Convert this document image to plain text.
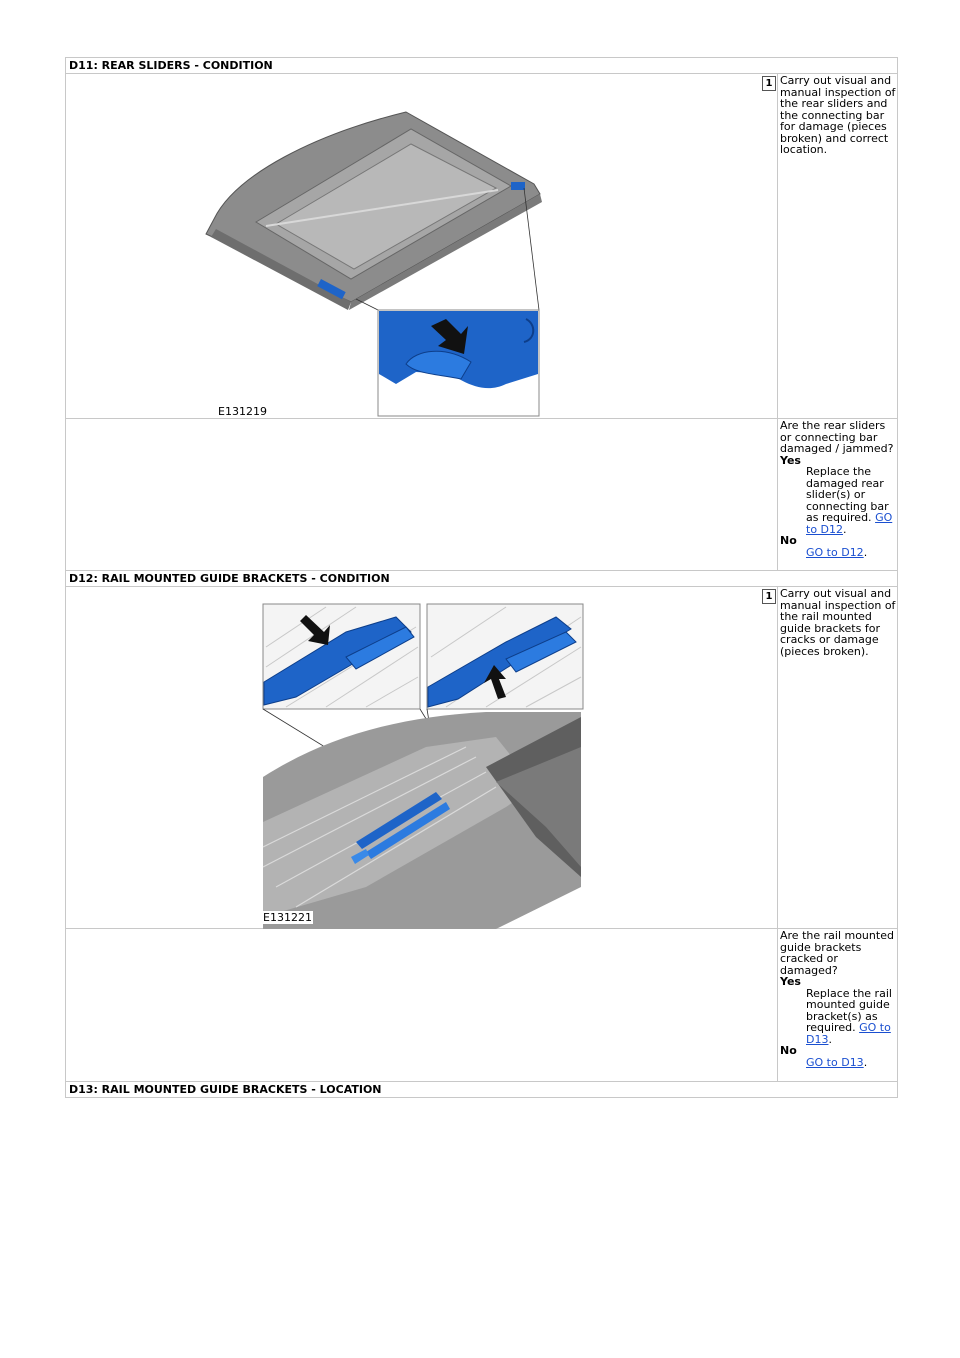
D11: REAR SLIDERS - CONDITION	

1
E131219	Carry out visual and manual inspection of the rear sliders and the connecting bar for damage (pieces broken) and correct location.
	Are the rear sliders or connecting bar damaged / jammed?
Yes
Replace the damaged rear slider(s) or connecting bar as required. GO to D12.
No
GO to D12.

D12: RAIL MOUNTED GUIDE BRACKETS - CONDITION	

1
E131221	Carry out visual and manual inspection of the rail mounted guide brackets for cracks or damage (pieces broken).
	Are the rail mounted guide brackets cracked or damaged?
Yes
Replace the rail mounted guide bracket(s) as required. GO to D13.
No
GO to D13.

D13: RAIL MOUNTED GUIDE BRACKETS - LOCATION	
